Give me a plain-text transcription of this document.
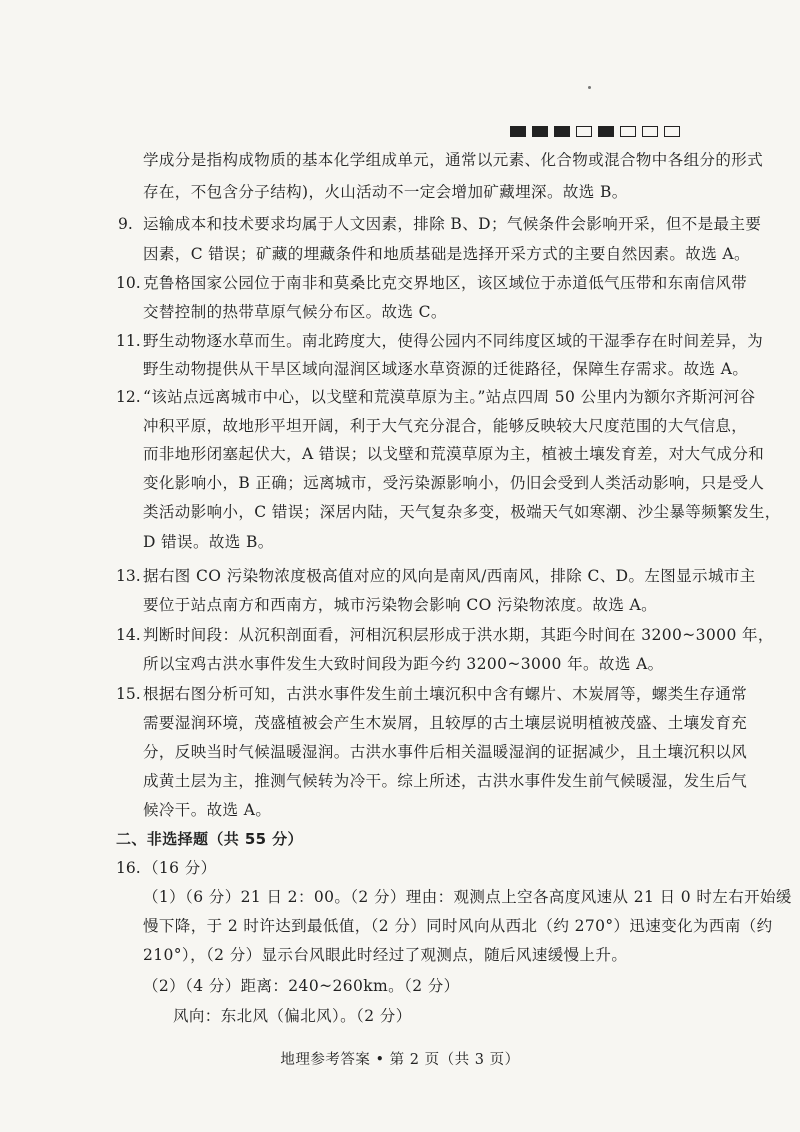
学成分是指构成物质的基本化学组成单元，通常以元素、化合物或混合物中各组分的形式
存在，不包含分子结构)，火山活动不一定会增加矿藏埋深。故选 B。
9. 运输成本和技术要求均属于人文因素，排除 B、D；气候条件会影响开采，但不是最主要
因素，C 错误；矿藏的埋藏条件和地质基础是选择开采方式的主要自然因素。故选 A。
10. 克鲁格国家公园位于南非和莫桑比克交界地区，该区域位于赤道低气压带和东南信风带
交替控制的热带草原气候分布区。故选 C。
11. 野生动物逐水草而生。南北跨度大，使得公园内不同纬度区域的干湿季存在时间差异，为
野生动物提供从干旱区域向湿润区域逐水草资源的迁徙路径，保障生存需求。故选 A。
12. “该站点远离城市中心，以戈壁和荒漠草原为主。”站点四周 50 公里内为额尔齐斯河河谷
冲积平原，故地形平坦开阔，利于大气充分混合，能够反映较大尺度范围的大气信息，
而非地形闭塞起伏大，A 错误；以戈壁和荒漠草原为主，植被土壤发育差，对大气成分和
变化影响小，B 正确；远离城市，受污染源影响小，仍旧会受到人类活动影响，只是受人
类活动影响小，C 错误；深居内陆，天气复杂多变，极端天气如寒潮、沙尘暴等频繁发生，
D 错误。故选 B。
13. 据右图 CO 污染物浓度极高值对应的风向是南风/西南风，排除 C、D。左图显示城市主
要位于站点南方和西南方，城市污染物会影响 CO 污染物浓度。故选 A。
14. 判断时间段：从沉积剖面看，河相沉积层形成于洪水期，其距今时间在 3200~3000 年，
所以宝鸡古洪水事件发生大致时间段为距今约 3200~3000 年。故选 A。
15. 根据右图分析可知，古洪水事件发生前土壤沉积中含有螺片、木炭屑等，螺类生存通常
需要湿润环境，茂盛植被会产生木炭屑，且较厚的古土壤层说明植被茂盛、土壤发育充
分，反映当时气候温暖湿润。古洪水事件后相关温暖湿润的证据减少，且土壤沉积以风
成黄土层为主，推测气候转为冷干。综上所述，古洪水事件发生前气候暖湿，发生后气
候冷干。故选 A。
二、非选择题（共 55 分）
16. （16 分）
（1）（6 分）21 日 2：00。（2 分）理由：观测点上空各高度风速从 21 日 0 时左右开始缓
慢下降，于 2 时许达到最低值，（2 分）同时风向从西北（约 270°）迅速变化为西南（约
210°），（2 分）显示台风眼此时经过了观测点，随后风速缓慢上升。
（2）（4 分）距离：240~260km。（2 分）
风向：东北风（偏北风）。（2 分）
地理参考答案 • 第 2 页（共 3 页）
